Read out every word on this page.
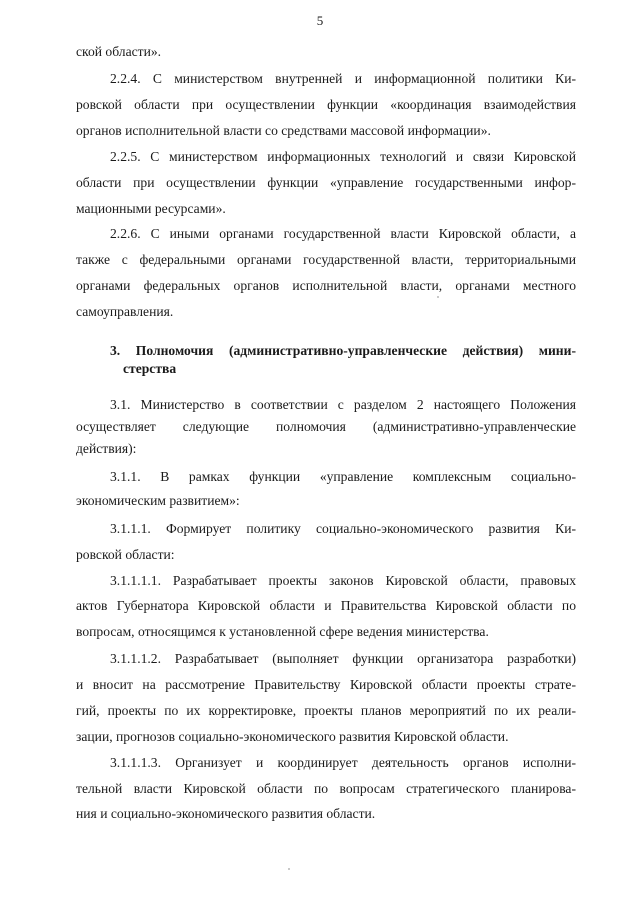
5
ской области».
2.2.4. С министерством внутренней и информационной политики Ки-
ровской области при осуществлении функции «координация взаимодействия
органов исполнительной власти со средствами массовой информации».
2.2.5. С министерством информационных технологий и связи Кировской
области при осуществлении функции «управление государственными инфор-
мационными ресурсами».
2.2.6. С иными органами государственной власти Кировской области, а
также с федеральными органами государственной власти, территориальными
органами федеральных органов исполнительной власти, органами местного
самоуправления.
3. Полномочия (административно-управленческие действия) мини-
стерства
3.1. Министерство в соответствии с разделом 2 настоящего Положения
осуществляет следующие полномочия (административно-управленческие
действия):
3.1.1. В рамках функции «управление комплексным социально-
экономическим развитием»:
3.1.1.1. Формирует политику социально-экономического развития Ки-
ровской области:
3.1.1.1.1. Разрабатывает проекты законов Кировской области, правовых
актов Губернатора Кировской области и Правительства Кировской области по
вопросам, относящимся к установленной сфере ведения министерства.
3.1.1.1.2. Разрабатывает (выполняет функции организатора разработки)
и вносит на рассмотрение Правительству Кировской области проекты страте-
гий, проекты по их корректировке, проекты планов мероприятий по их реали-
зации, прогнозов социально-экономического развития Кировской области.
3.1.1.1.3. Организует и координирует деятельность органов исполни-
тельной власти Кировской области по вопросам стратегического планирова-
ния и социально-экономического развития области.
